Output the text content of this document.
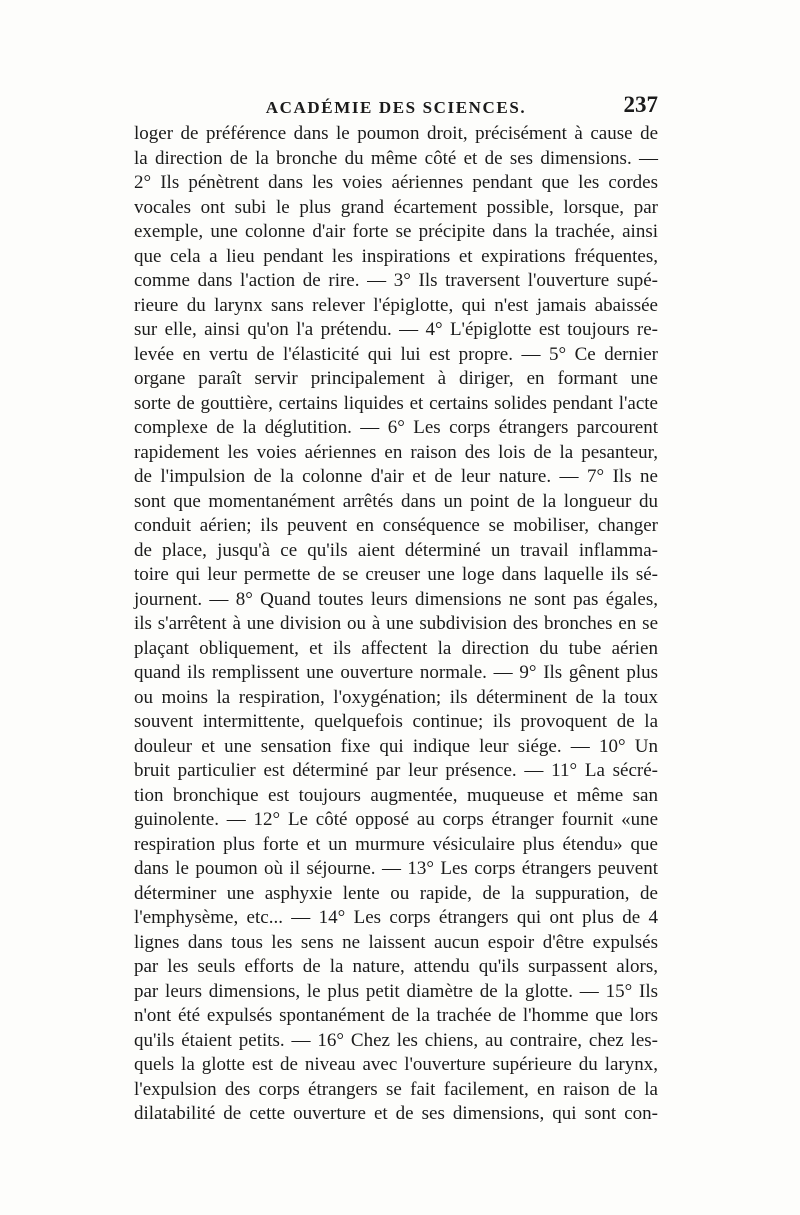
ACADÉMIE DES SCIENCES.	237
loger de préférence dans le poumon droit, précisément à cause de
la direction de la bronche du même côté et de ses dimensions. —
2° Ils pénètrent dans les voies aériennes pendant que les cordes
vocales ont subi le plus grand écartement possible, lorsque, par
exemple, une colonne d'air forte se précipite dans la trachée, ainsi
que cela a lieu pendant les inspirations et expirations fréquentes,
comme dans l'action de rire. — 3° Ils traversent l'ouverture supé-
rieure du larynx sans relever l'épiglotte, qui n'est jamais abaissée
sur elle, ainsi qu'on l'a prétendu. — 4° L'épiglotte est toujours re-
levée en vertu de l'élasticité qui lui est propre. — 5° Ce dernier
organe paraît servir principalement à diriger, en formant une
sorte de gouttière, certains liquides et certains solides pendant l'acte
complexe de la déglutition. — 6° Les corps étrangers parcourent
rapidement les voies aériennes en raison des lois de la pesanteur,
de l'impulsion de la colonne d'air et de leur nature. — 7° Ils ne
sont que momentanément arrêtés dans un point de la longueur du
conduit aérien; ils peuvent en conséquence se mobiliser, changer
de place, jusqu'à ce qu'ils aient déterminé un travail inflamma-
toire qui leur permette de se creuser une loge dans laquelle ils sé-
journent. — 8° Quand toutes leurs dimensions ne sont pas égales,
ils s'arrêtent à une division ou à une subdivision des bronches en se
plaçant obliquement, et ils affectent la direction du tube aérien
quand ils remplissent une ouverture normale. — 9° Ils gênent plus
ou moins la respiration, l'oxygénation; ils déterminent de la toux
souvent intermittente, quelquefois continue; ils provoquent de la
douleur et une sensation fixe qui indique leur siége. — 10° Un
bruit particulier est déterminé par leur présence. — 11° La sécré-
tion bronchique est toujours augmentée, muqueuse et même san
guinolente. — 12° Le côté opposé au corps étranger fournit «une
respiration plus forte et un murmure vésiculaire plus étendu» que
dans le poumon où il séjourne. — 13° Les corps étrangers peuvent
déterminer une asphyxie lente ou rapide, de la suppuration, de
l'emphysème, etc... — 14° Les corps étrangers qui ont plus de 4
lignes dans tous les sens ne laissent aucun espoir d'être expulsés
par les seuls efforts de la nature, attendu qu'ils surpassent alors,
par leurs dimensions, le plus petit diamètre de la glotte. — 15° Ils
n'ont été expulsés spontanément de la trachée de l'homme que lors
qu'ils étaient petits. — 16° Chez les chiens, au contraire, chez les-
quels la glotte est de niveau avec l'ouverture supérieure du larynx,
l'expulsion des corps étrangers se fait facilement, en raison de la
dilatabilité de cette ouverture et de ses dimensions, qui sont con-
